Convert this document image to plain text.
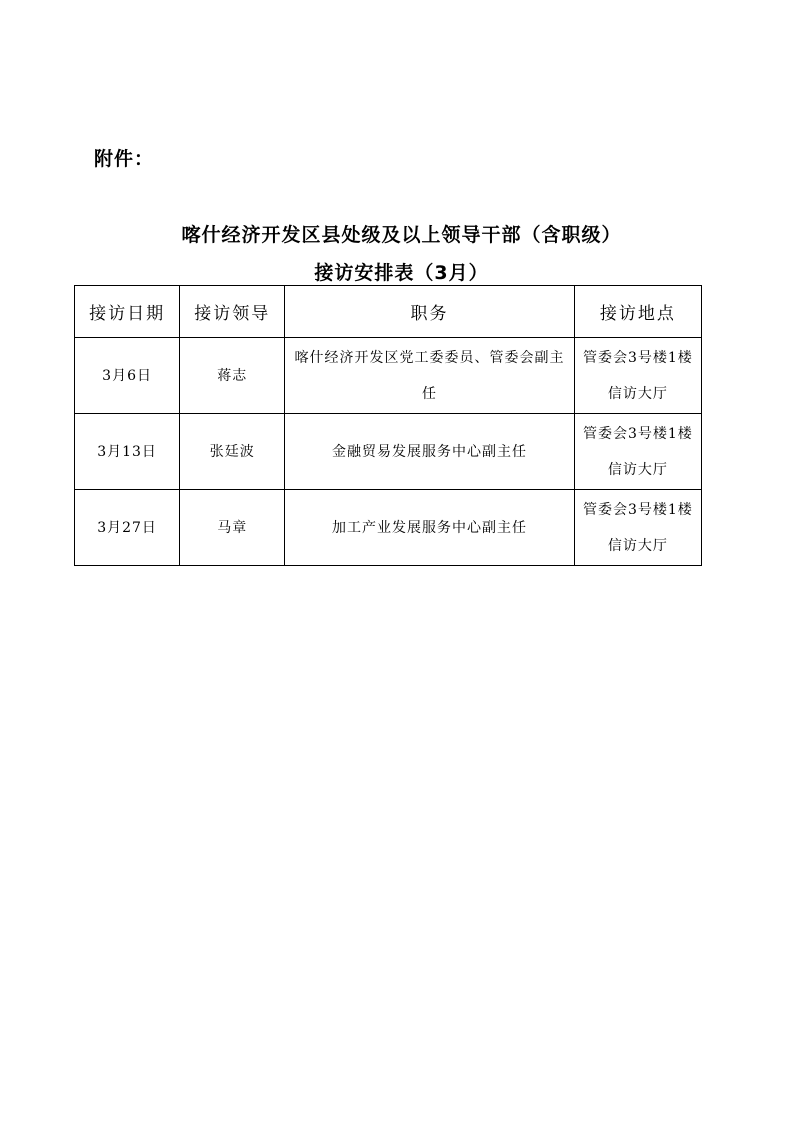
附件：
喀什经济开发区县处级及以上领导干部（含职级）
接访安排表（3月）
接访日期	接访领导	职务	接访地点
3月6日	蒋志	喀什经济开发区党工委委员、管委会副主任	管委会3号楼1楼信访大厅
3月13日	张廷波	金融贸易发展服务中心副主任	管委会3号楼1楼信访大厅
3月27日	马章	加工产业发展服务中心副主任	管委会3号楼1楼信访大厅
